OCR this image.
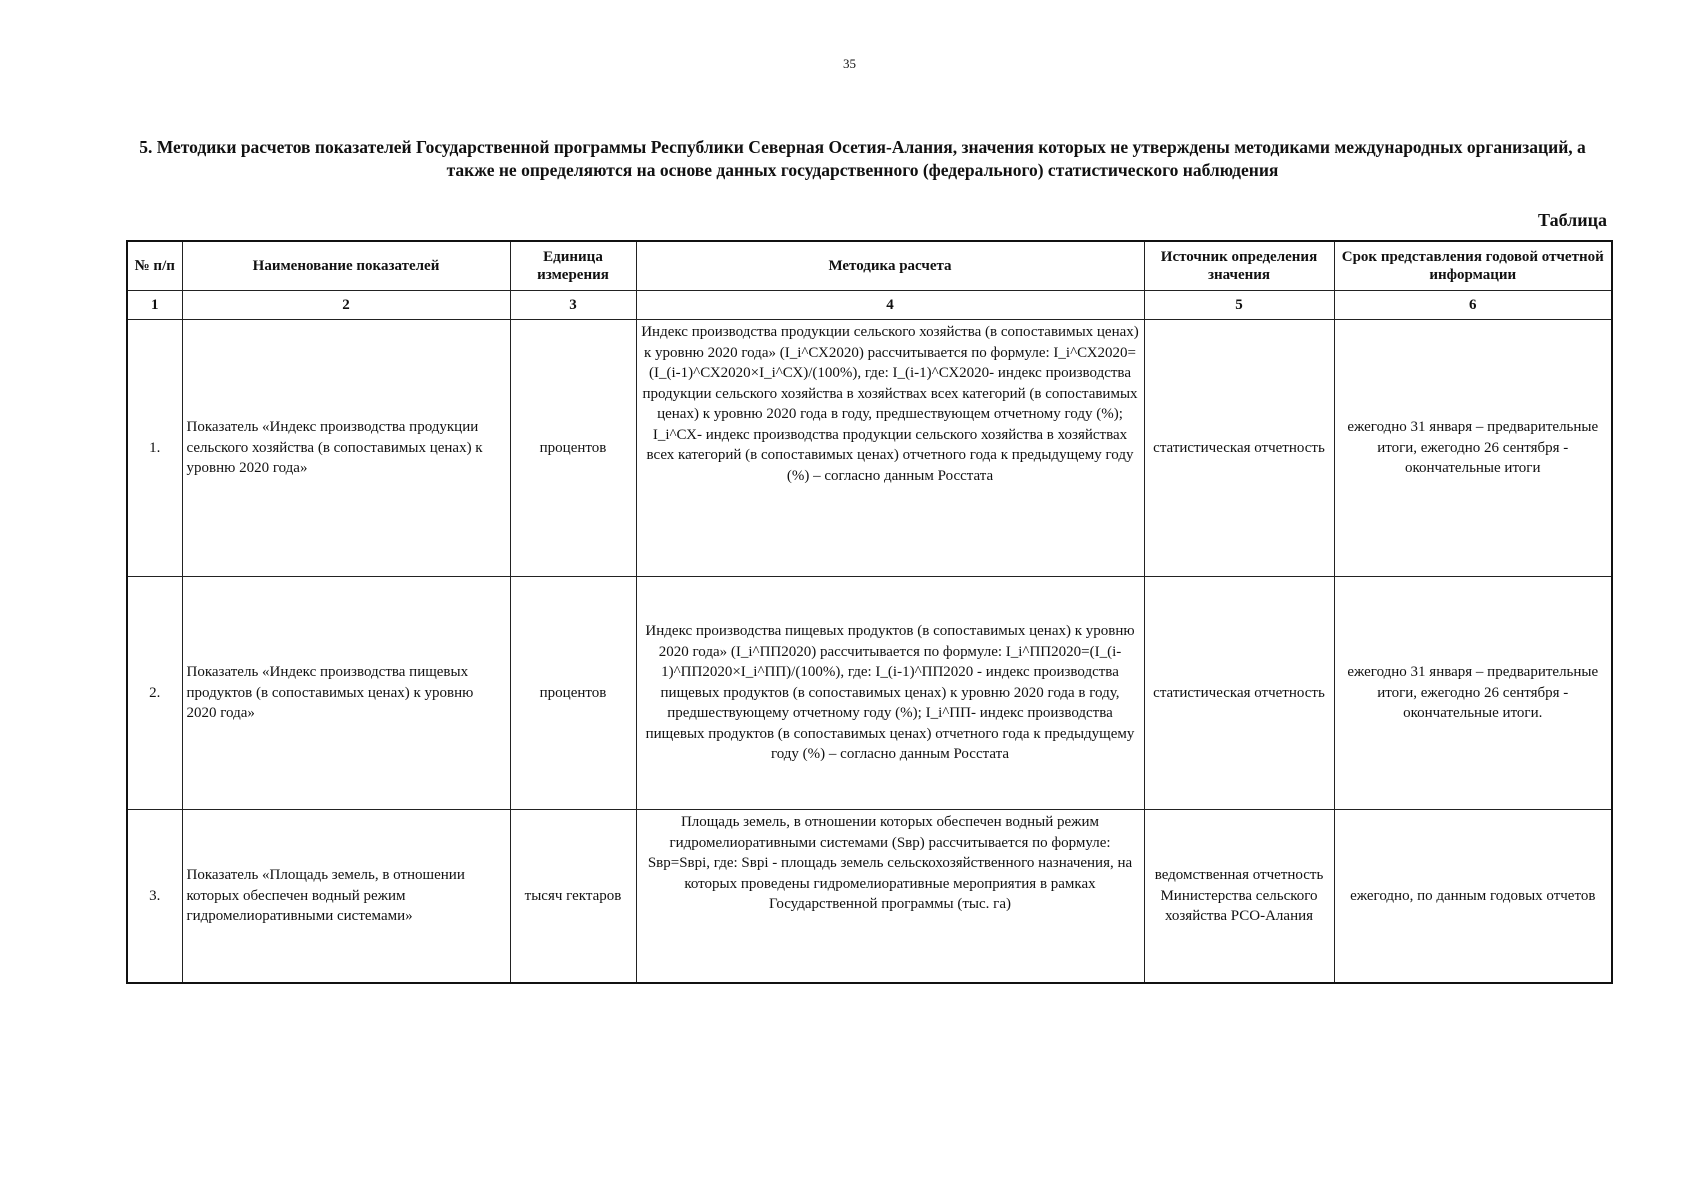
35
5. Методики расчетов показателей Государственной программы Республики Северная Осетия-Алания, значения которых не утверждены методиками международных организаций, а также не определяются на основе данных государственного (федерального) статистического наблюдения
Таблица
№ п/п	Наименование показателей	Единица измерения	Методика расчета	Источник определения значения	Срок представления годовой отчетной информации
1	2	3	4	5	6
1.	Показатель «Индекс производства продукции сельского хозяйства (в сопоставимых ценах) к уровню 2020 года»	процентов	Индекс производства продукции сельского хозяйства (в сопоставимых ценах) к уровню 2020 года» (I_i^СХ2020) рассчитывается по формуле: I_i^СХ2020=(I_(i-1)^СХ2020×I_i^СХ)/(100%), где: I_(i-1)^СХ2020- индекс производства продукции сельского хозяйства в хозяйствах всех категорий (в сопоставимых ценах) к уровню 2020 года в году, предшествующем отчетному году (%); I_i^СХ- индекс производства продукции сельского хозяйства в хозяйствах всех категорий (в сопоставимых ценах) отчетного года к предыдущему году (%) – согласно данным Росстата	статистическая отчетность	ежегодно 31 января – предварительные итоги, ежегодно 26 сентября - окончательные итоги
2.	Показатель «Индекс производства пищевых продуктов (в сопоставимых ценах) к уровню 2020 года»	процентов	Индекс производства пищевых продуктов (в сопоставимых ценах) к уровню 2020 года» (I_i^ПП2020) рассчитывается по формуле: I_i^ПП2020=(I_(i-1)^ПП2020×I_i^ПП)/(100%), где: I_(i-1)^ПП2020 - индекс производства пищевых продуктов (в сопоставимых ценах) к уровню 2020 года в году, предшествующему отчетному году (%); I_i^ПП- индекс производства пищевых продуктов (в сопоставимых ценах) отчетного года к предыдущему году (%) – согласно данным Росстата	статистическая отчетность	ежегодно 31 января – предварительные итоги, ежегодно 26 сентября - окончательные итоги.
3.	Показатель «Площадь земель, в отношении которых обеспечен водный режим гидромелиоративными системами»	тысяч гектаров	Площадь земель, в отношении которых обеспечен водный режим гидромелиоративными системами (Sвр) рассчитывается по формуле: Sвр=Sвpi, где: Sвpi - площадь земель сельскохозяйственного назначения, на которых проведены гидромелиоративные мероприятия в рамках Государственной программы (тыс. га)	ведомственная отчетность Министерства сельского хозяйства РСО-Алания	ежегодно, по данным годовых отчетов
